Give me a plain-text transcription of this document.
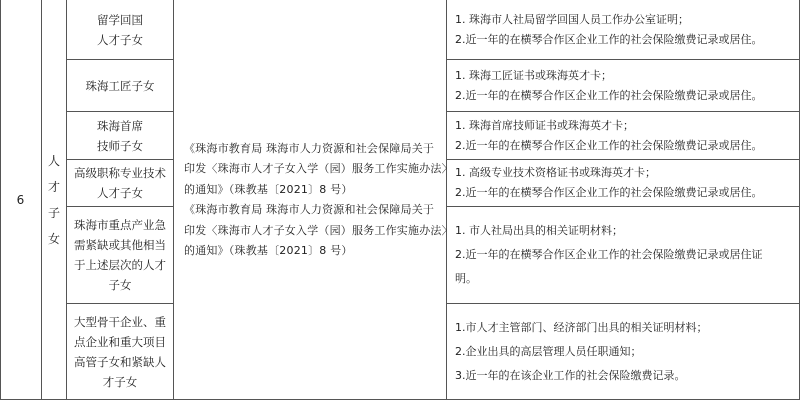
6
人
才
子
女
留学回国
人才子女
珠海工匠子女
珠海首席
技师子女
高级职称专业技术
人才子女
珠海市重点产业急
需紧缺或其他相当
于上述层次的人才
子女
大型骨干企业、重
点企业和重大项目
高管子女和紧缺人
才子女
《珠海市教育局 珠海市人力资源和社会保障局关于
印发〈珠海市人才子女入学（园）服务工作实施办法〉
的通知》（珠教基〔2021〕8 号）
《珠海市教育局 珠海市人力资源和社会保障局关于
印发〈珠海市人才子女入学（园）服务工作实施办法〉
的通知》（珠教基〔2021〕8 号）
1. 珠海市人社局留学回国人员工作办公室证明；
2.近一年的在横琴合作区企业工作的社会保险缴费记录或居住。
1. 珠海工匠证书或珠海英才卡；
2.近一年的在横琴合作区企业工作的社会保险缴费记录或居住。
1. 珠海首席技师证书或珠海英才卡；
2.近一年的在横琴合作区企业工作的社会保险缴费记录或居住。
1. 高级专业技术资格证书或珠海英才卡；
2.近一年的在横琴合作区企业工作的社会保险缴费记录或居住。
1. 市人社局出具的相关证明材料；
2.近一年的在横琴合作区企业工作的社会保险缴费记录或居住证
明。
1.市人才主管部门、经济部门出具的相关证明材料；
2.企业出具的高层管理人员任职通知；
3.近一年的在该企业工作的社会保险缴费记录。
